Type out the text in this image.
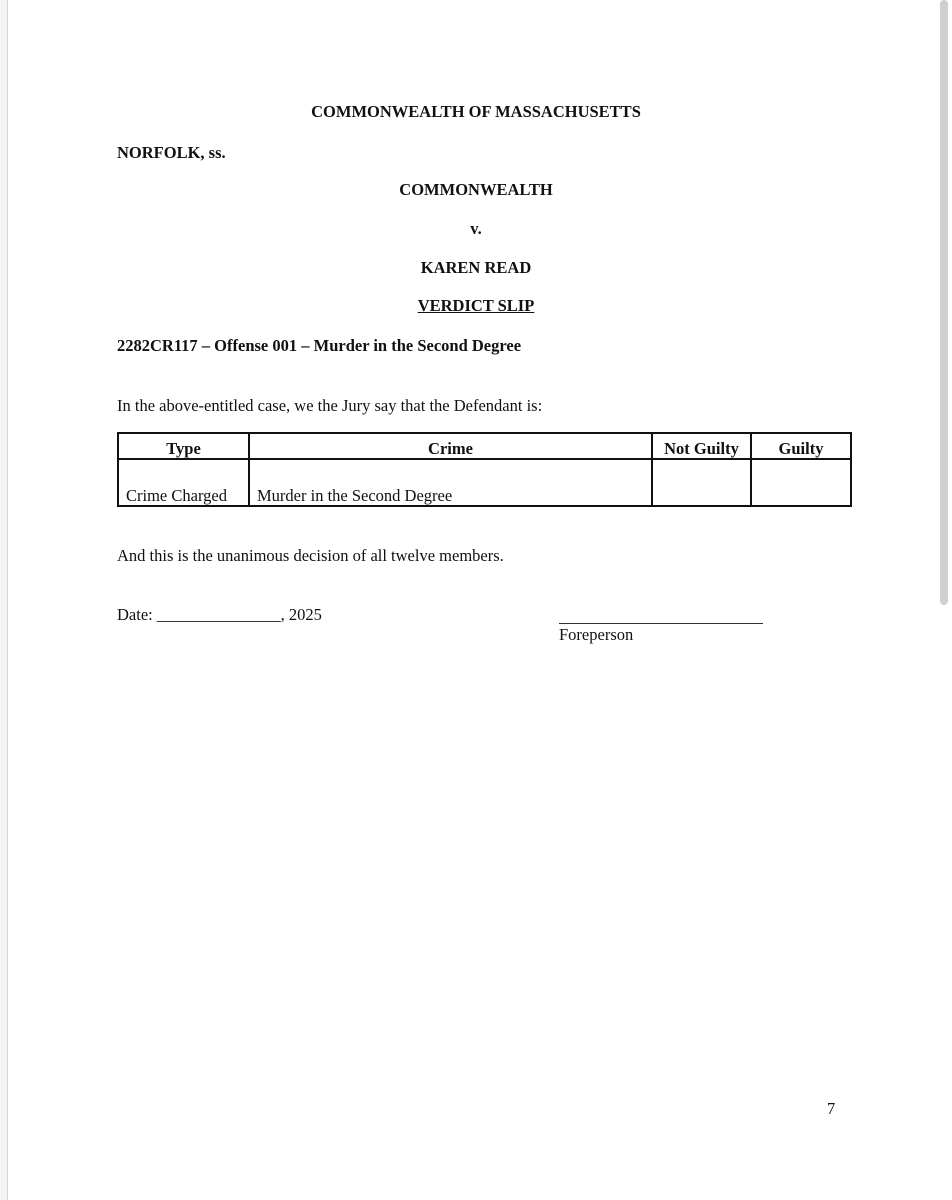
COMMONWEALTH OF MASSACHUSETTS
NORFOLK, ss.
COMMONWEALTH
v.
KAREN READ
VERDICT SLIP
2282CR117 – Offense 001 – Murder in the Second Degree
In the above-entitled case, we the Jury say that the Defendant is:
Type	Crime	Not Guilty	Guilty
Crime Charged	Murder in the Second Degree		
And this is the unanimous decision of all twelve members.
Date: _______________, 2025
Foreperson
7
